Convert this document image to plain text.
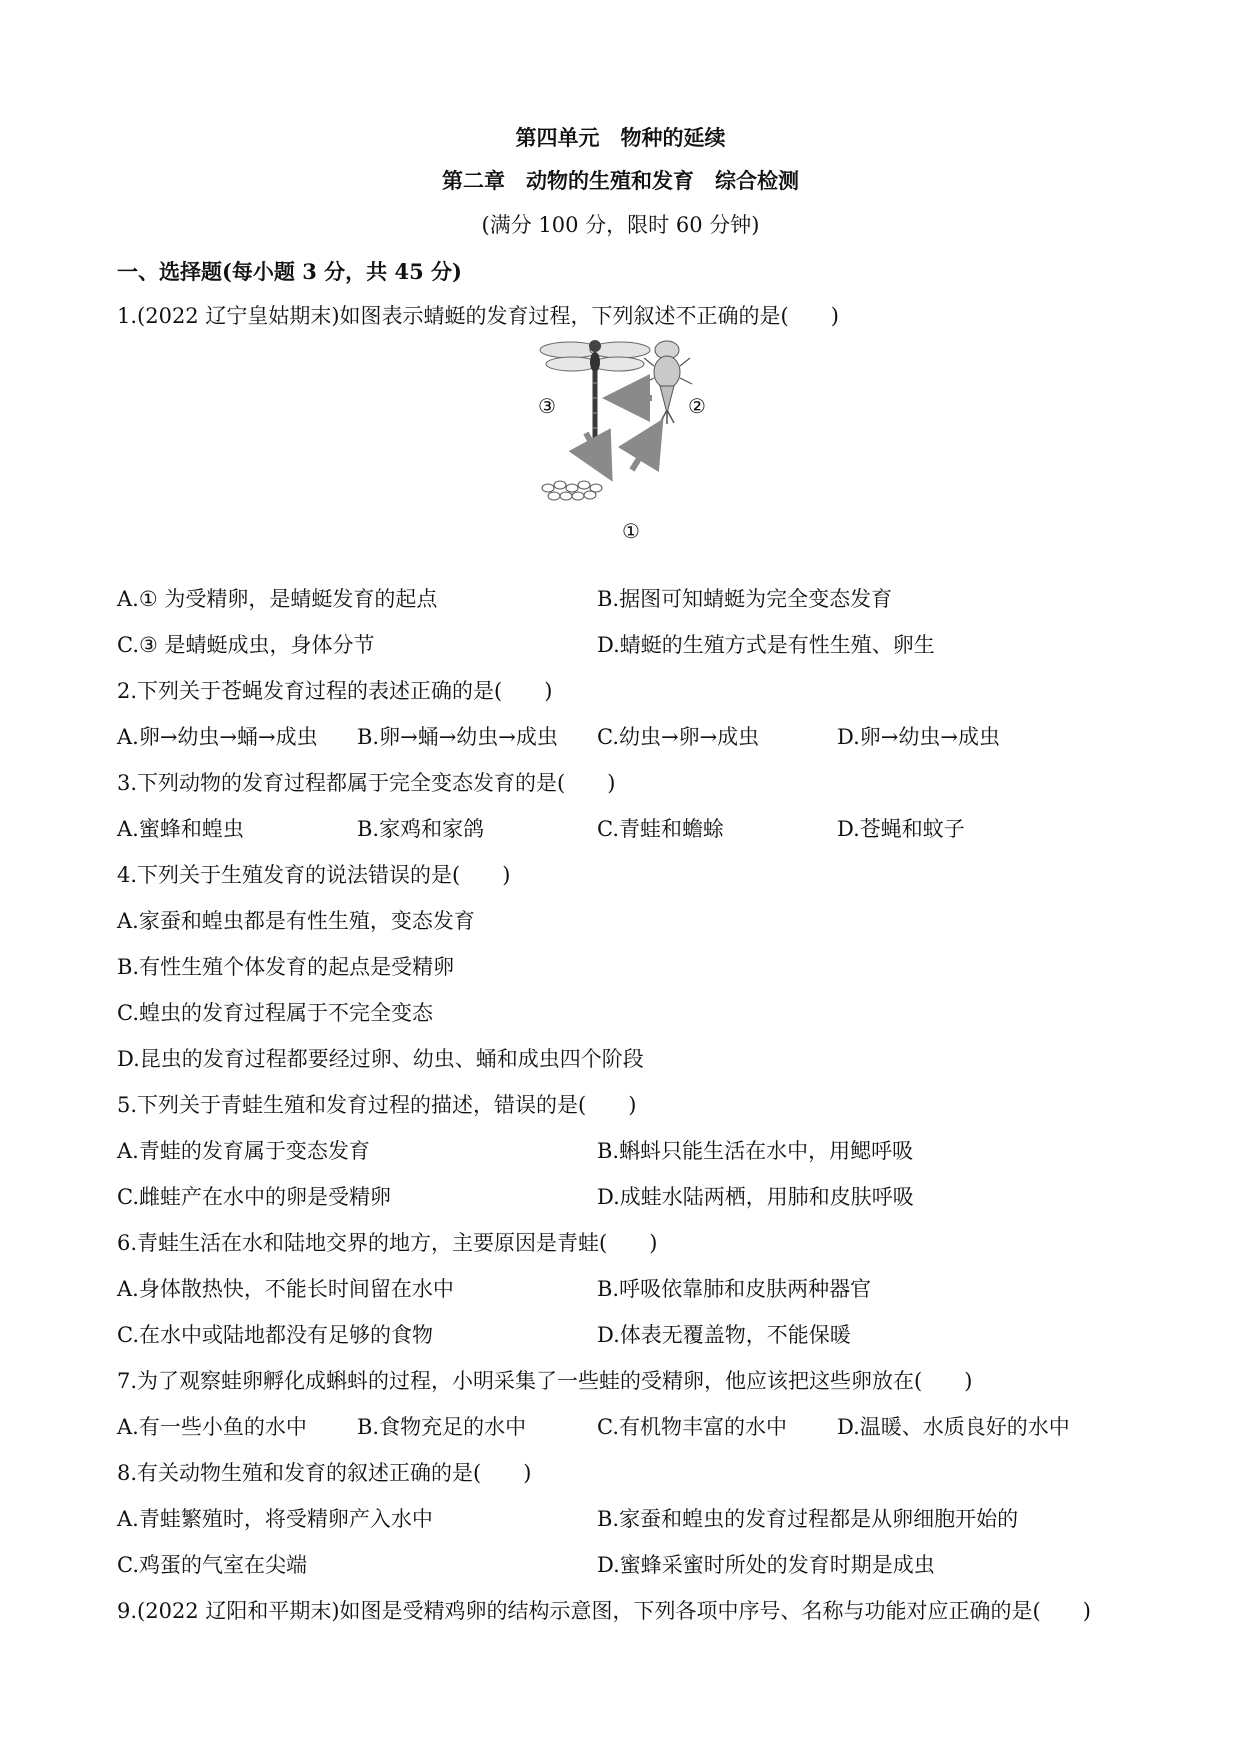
第四单元　物种的延续
第二章　动物的生殖和发育　综合检测
(满分 100 分，限时 60 分钟)
一、选择题(每小题 3 分，共 45 分)
1.(2022 辽宁皇姑期末)如图表示蜻蜓的发育过程，下列叙述不正确的是(　　)
③	②
①
A.① 为受精卵，是蜻蜓发育的起点	B.据图可知蜻蜓为完全变态发育
C.③ 是蜻蜓成虫，身体分节	D.蜻蜓的生殖方式是有性生殖、卵生
2.下列关于苍蝇发育过程的表述正确的是(　　)
A.卵→幼虫→蛹→成虫 B.卵→蛹→幼虫→成虫 C.幼虫→卵→成虫	D.卵→幼虫→成虫
3.下列动物的发育过程都属于完全变态发育的是(　　)
A.蜜蜂和蝗虫	B.家鸡和家鸽	C.青蛙和蟾蜍	D.苍蝇和蚊子
4.下列关于生殖发育的说法错误的是(　　)
A.家蚕和蝗虫都是有性生殖，变态发育
B.有性生殖个体发育的起点是受精卵
C.蝗虫的发育过程属于不完全变态
D.昆虫的发育过程都要经过卵、幼虫、蛹和成虫四个阶段
5.下列关于青蛙生殖和发育过程的描述，错误的是(　　)
A.青蛙的发育属于变态发育	B.蝌蚪只能生活在水中，用鳃呼吸
C.雌蛙产在水中的卵是受精卵	D.成蛙水陆两栖，用肺和皮肤呼吸
6.青蛙生活在水和陆地交界的地方，主要原因是青蛙(　　)
A.身体散热快，不能长时间留在水中	B.呼吸依靠肺和皮肤两种器官
C.在水中或陆地都没有足够的食物	D.体表无覆盖物，不能保暖
7.为了观察蛙卵孵化成蝌蚪的过程，小明采集了一些蛙的受精卵，他应该把这些卵放在(　　)
A.有一些小鱼的水中 B.食物充足的水中	C.有机物丰富的水中 D.温暖、水质良好的水中
8.有关动物生殖和发育的叙述正确的是(　　)
A.青蛙繁殖时，将受精卵产入水中	B.家蚕和蝗虫的发育过程都是从卵细胞开始的
C.鸡蛋的气室在尖端	D.蜜蜂采蜜时所处的发育时期是成虫
9.(2022 辽阳和平期末)如图是受精鸡卵的结构示意图，下列各项中序号、名称与功能对应正确的是(　　)
